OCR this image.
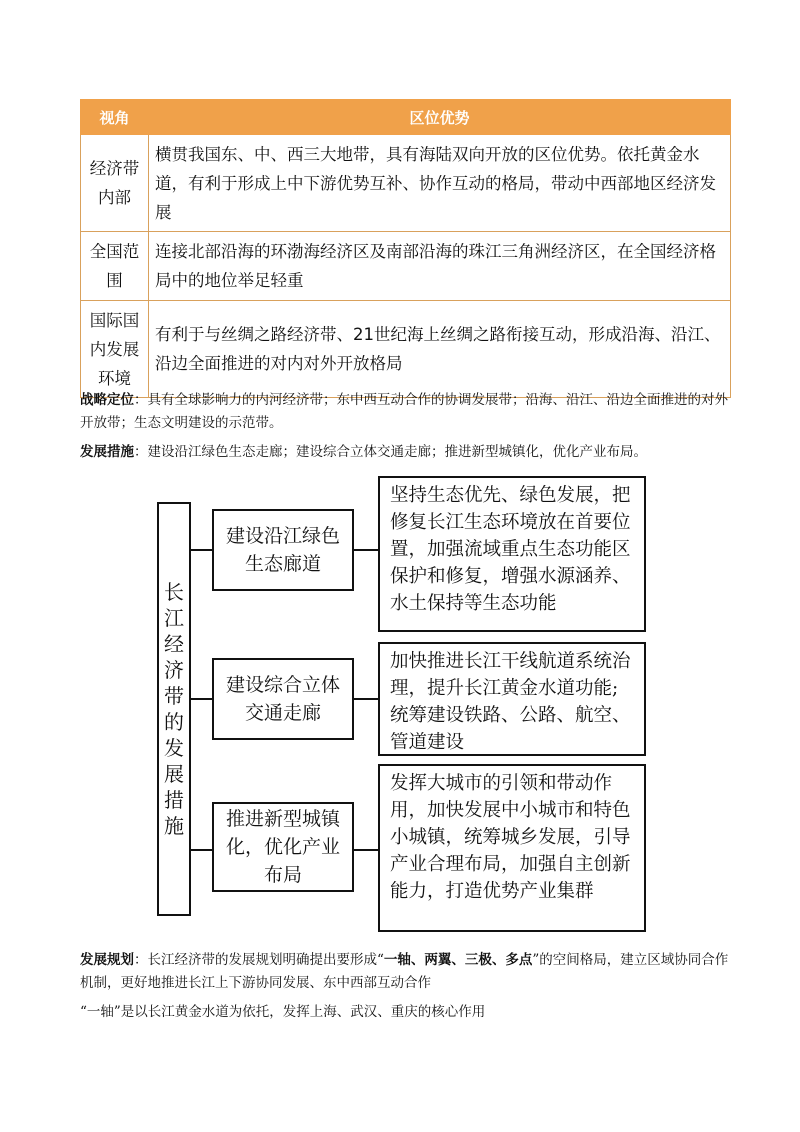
视角	区位优势
经济带内部	横贯我国东、中、西三大地带，具有海陆双向开放的区位优势。依托黄金水道，有利于形成上中下游优势互补、协作互动的格局，带动中西部地区经济发展
全国范围	连接北部沿海的环渤海经济区及南部沿海的珠江三角洲经济区，在全国经济格局中的地位举足轻重
国际国内发展环境	有利于与丝绸之路经济带、21世纪海上丝绸之路衔接互动，形成沿海、沿江、沿边全面推进的对内对外开放格局
战略定位：具有全球影响力的内河经济带；东中西互动合作的协调发展带；沿海、沿江、沿边全面推进的对外开放带；生态文明建设的示范带。
发展措施：建设沿江绿色生态走廊；建设综合立体交通走廊；推进新型城镇化，优化产业布局。
长江经济带的发展措施
建设沿江绿色生态廊道
建设综合立体交通走廊
推进新型城镇化，优化产业布局
坚持生态优先、绿色发展，把修复长江生态环境放在首要位置，加强流域重点生态功能区保护和修复，增强水源涵养、水土保持等生态功能
加快推进长江干线航道系统治理，提升长江黄金水道功能;统筹建设铁路、公路、航空、管道建设
发挥大城市的引领和带动作用，加快发展中小城市和特色小城镇，统筹城乡发展，引导产业合理布局，加强自主创新能力，打造优势产业集群
发展规划：长江经济带的发展规划明确提出要形成“一轴、两翼、三极、多点”的空间格局，建立区域协同合作机制，更好地推进长江上下游协同发展、东中西部互动合作
“一轴”是以长江黄金水道为依托，发挥上海、武汉、重庆的核心作用
